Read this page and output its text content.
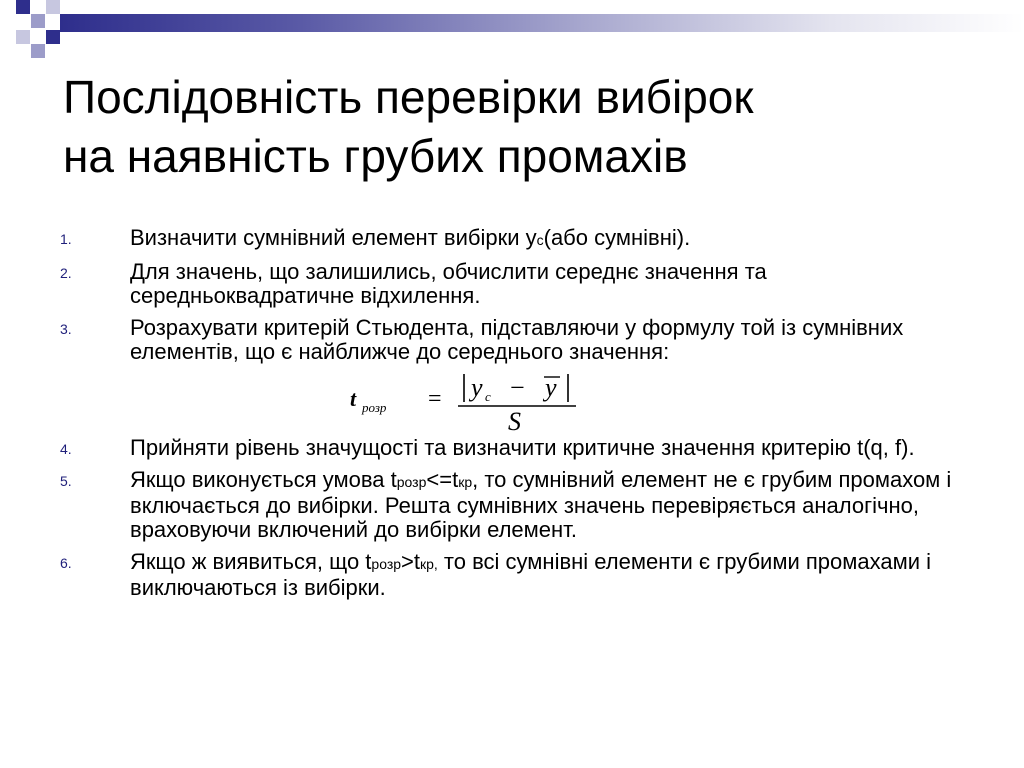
Послідовність перевірки вибірок
на наявність грубих промахів
1.	Визначити сумнівний елемент вибірки yс(або сумнівні).
2.	Для значень, що залишились, обчислити середнє значення та середньоквадратичне відхилення.
3.	Розрахувати критерій Стьюдента, підставляючи у формулу той із сумнівних елементів, що є найближче до середнього значення:
t розр = y c − y
S
4.	Прийняти рівень значущості та визначити критичне значення критерію t(q, f).
5.	Якщо виконується умова tрозр<=tкр, то сумнівний елемент не є грубим промахом і включається до вибірки. Решта сумнівних значень перевіряється аналогічно, враховуючи включений до вибірки елемент.
6.	Якщо ж виявиться, що tрозр>tкр, то всі сумнівні елементи є грубими промахами і виключаються із вибірки.
